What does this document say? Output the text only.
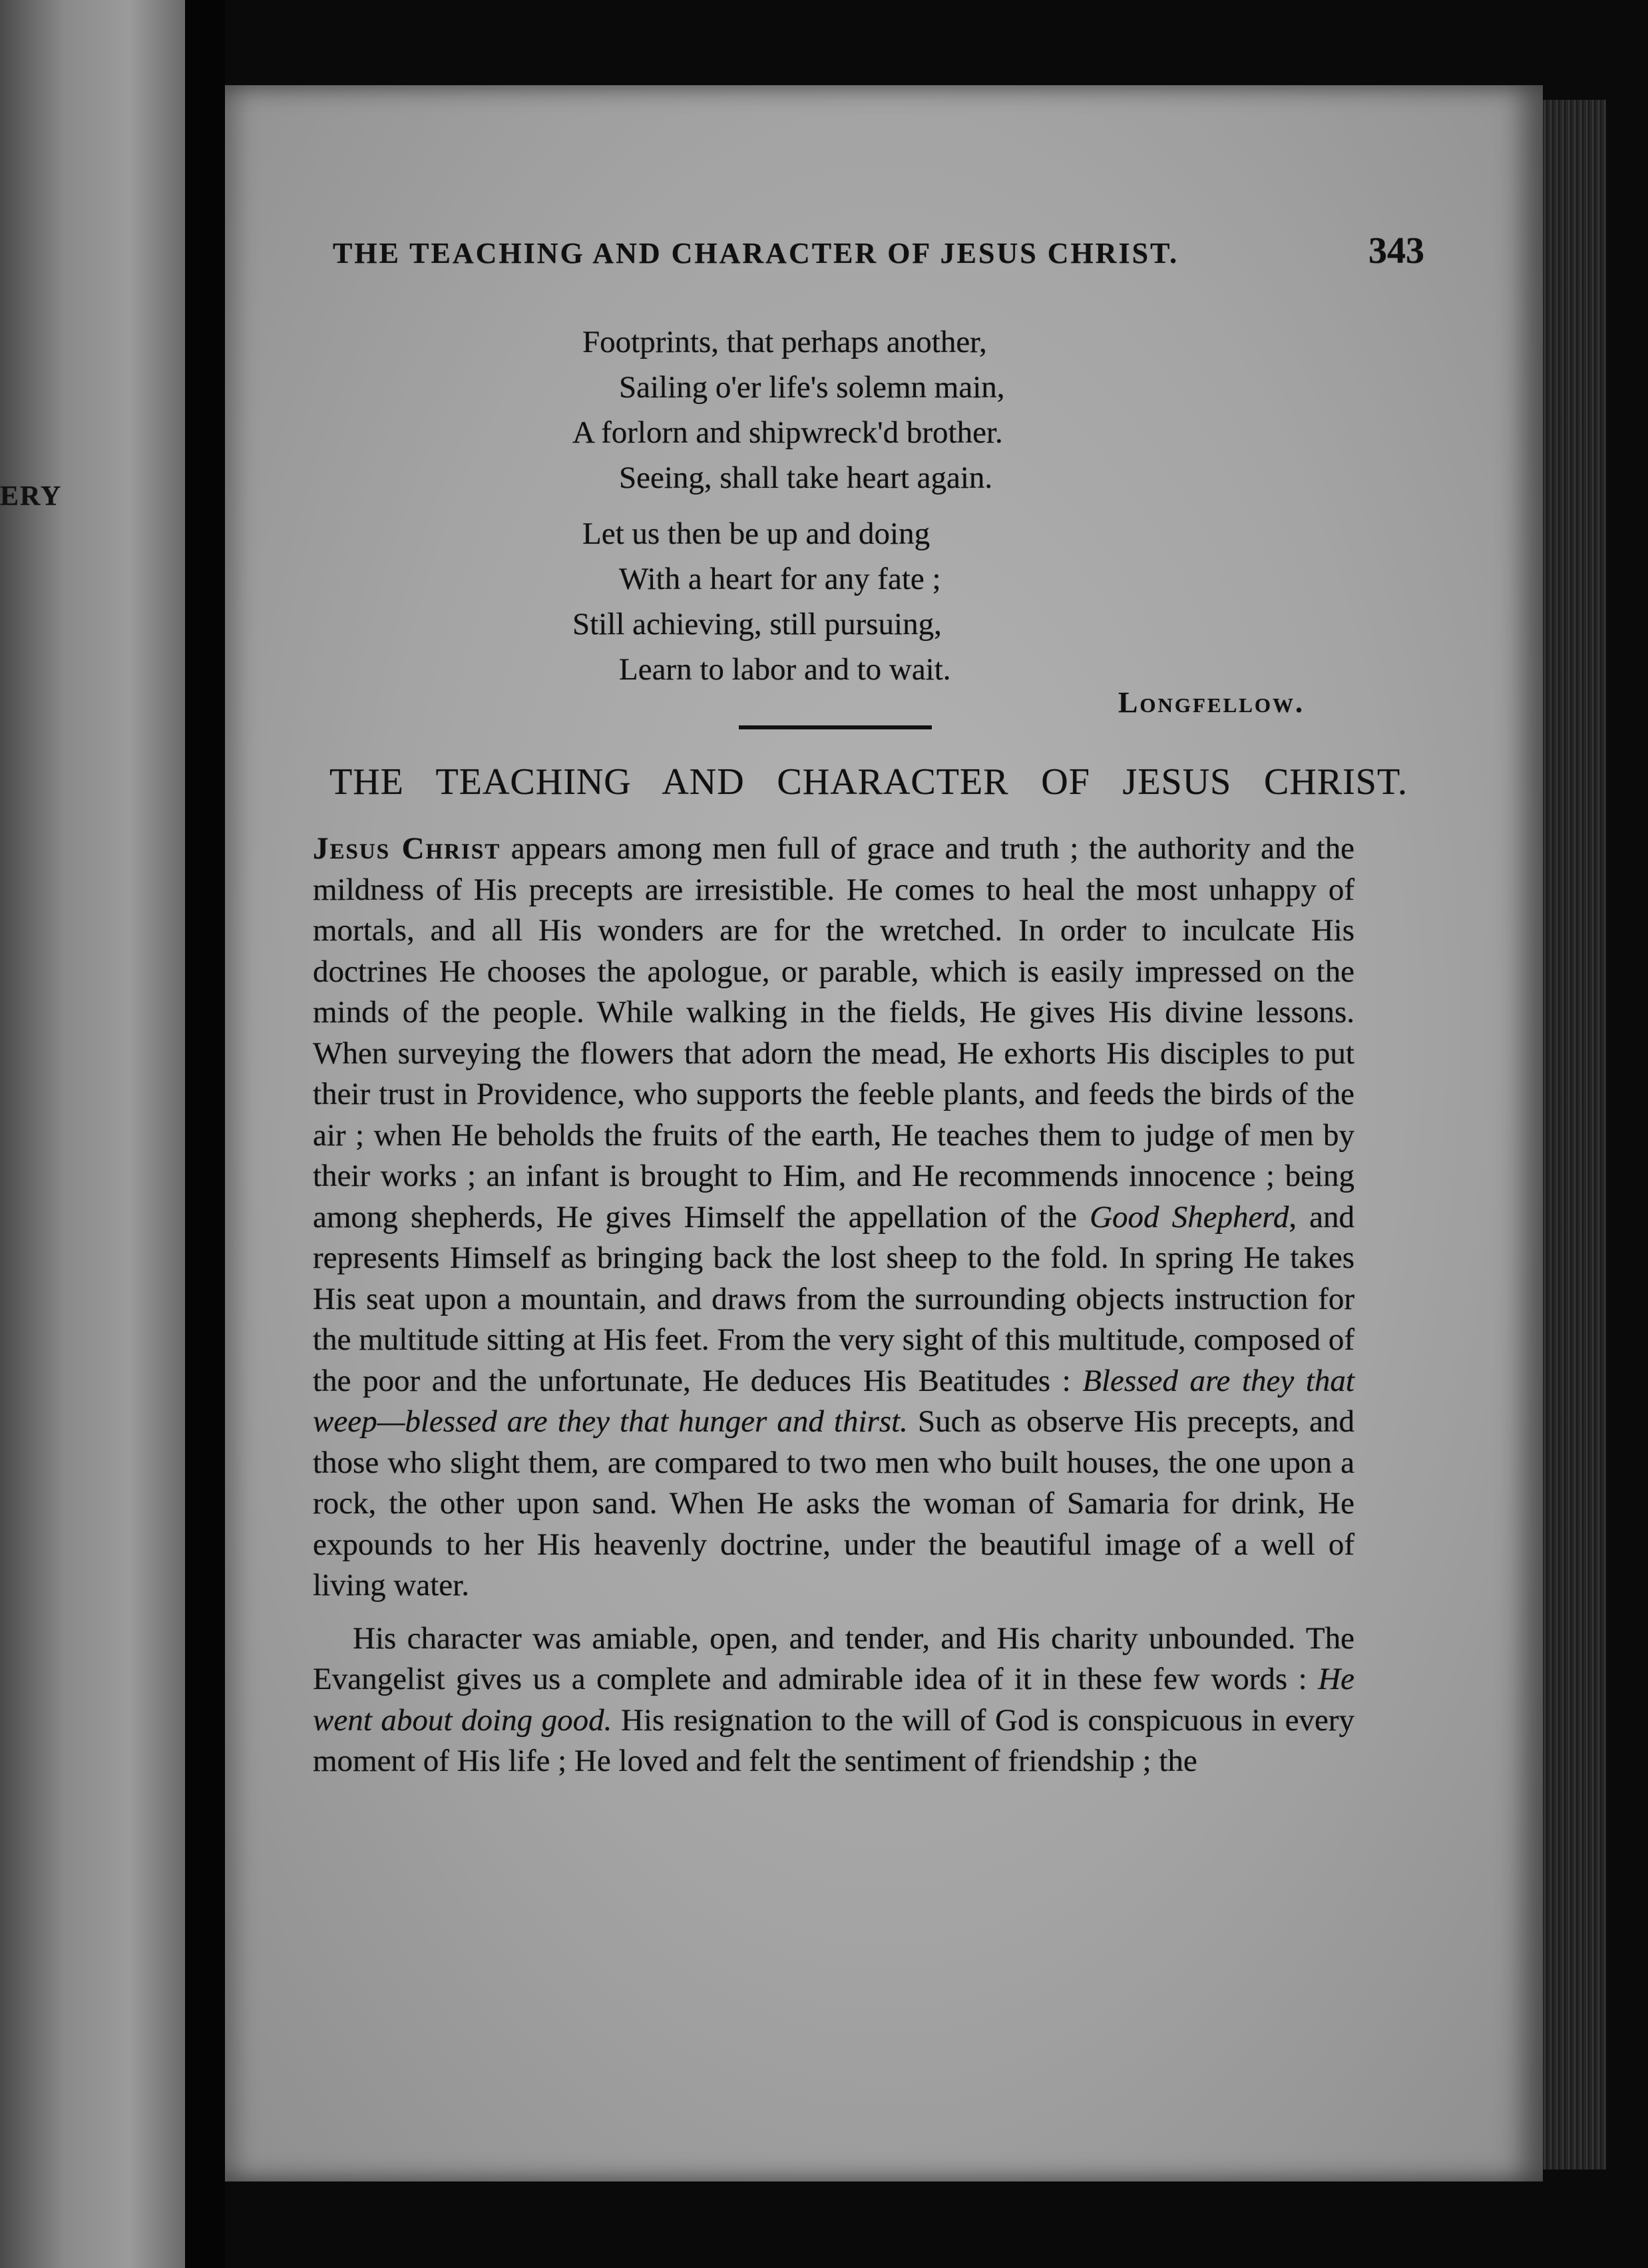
ERY
THE TEACHING AND CHARACTER OF JESUS CHRIST.	343
Footprints, that perhaps another,
Sailing o'er life's solemn main,
A forlorn and shipwreck'd brother.
Seeing, shall take heart again.
Let us then be up and doing
With a heart for any fate ;
Still achieving, still pursuing,
Learn to labor and to wait.
Longfellow.
THE TEACHING AND CHARACTER OF JESUS CHRIST.

Jesus Christ appears among men full of grace and truth ; the authority and the mildness of His precepts are irresistible. He comes to heal the most unhappy of mortals, and all His wonders are for the wretched. In order to inculcate His doctrines He chooses the apologue, or parable, which is easily impressed on the minds of the people. While walking in the fields, He gives His divine lessons. When surveying the flowers that adorn the mead, He exhorts His disciples to put their trust in Providence, who supports the feeble plants, and feeds the birds of the air ; when He beholds the fruits of the earth, He teaches them to judge of men by their works ; an infant is brought to Him, and He recommends innocence ; being among shepherds, He gives Himself the appellation of the Good Shepherd, and represents Himself as bringing back the lost sheep to the fold. In spring He takes His seat upon a mountain, and draws from the surrounding objects instruction for the multitude sitting at His feet. From the very sight of this multitude, composed of the poor and the unfortunate, He deduces His Beatitudes : Blessed are they that weep—blessed are they that hunger and thirst. Such as observe His precepts, and those who slight them, are compared to two men who built houses, the one upon a rock, the other upon sand. When He asks the woman of Samaria for drink, He expounds to her His heavenly doctrine, under the beautiful image of a well of living water.

His character was amiable, open, and tender, and His charity unbounded. The Evangelist gives us a complete and admirable idea of it in these few words : He went about doing good. His resignation to the will of God is conspicuous in every moment of His life ; He loved and felt the sentiment of friendship ; the
